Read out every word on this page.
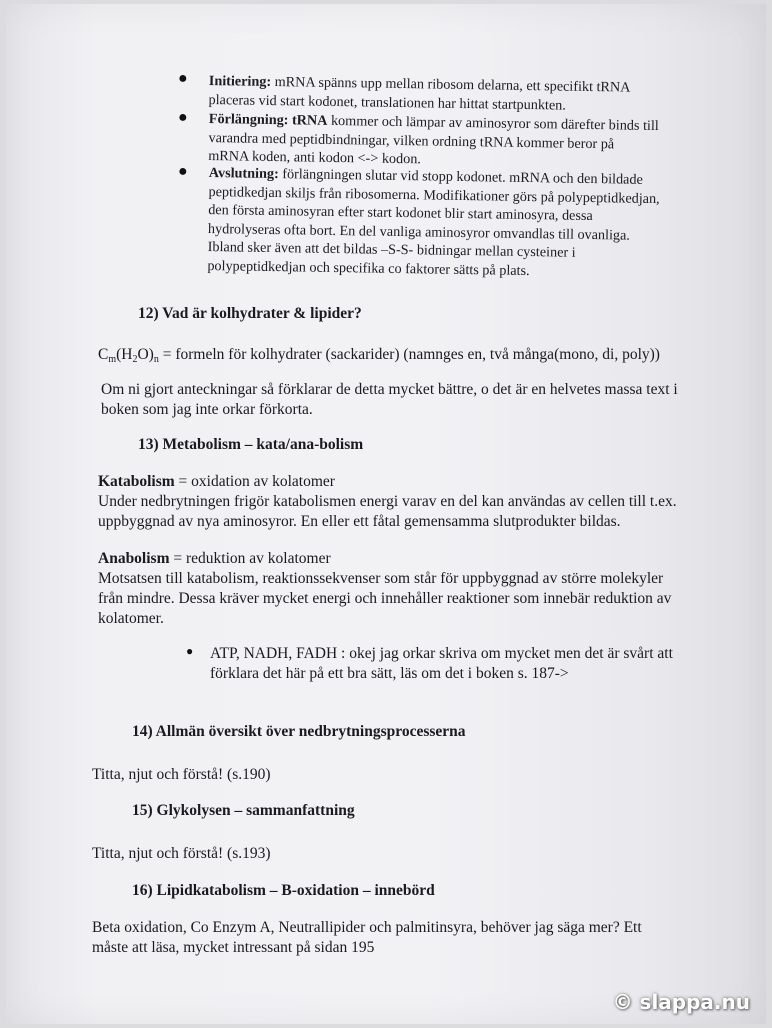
● Initiering: mRNA spänns upp mellan ribosom delarna, ett specifikt tRNA
placeras vid start kodonet, translationen har hittat startpunkten.
● Förlängning: tRNA kommer och lämpar av aminosyror som därefter binds till
varandra med peptidbindningar, vilken ordning tRNA kommer beror på
mRNA koden, anti kodon <-> kodon.
● Avslutning: förlängningen slutar vid stopp kodonet. mRNA och den bildade
peptidkedjan skiljs från ribosomerna. Modifikationer görs på polypeptidkedjan,
den första aminosyran efter start kodonet blir start aminosyra, dessa
hydrolyseras ofta bort. En del vanliga aminosyror omvandlas till ovanliga.
Ibland sker även att det bildas –S-S- bidningar mellan cysteiner i
polypeptidkedjan och specifika co faktorer sätts på plats.
12) Vad är kolhydrater & lipider?
$C_m(H_2O)_n$ = formeln för kolhydrater (sackarider) (namnges en, två många(mono, di, poly))
Om ni gjort anteckningar så förklarar de detta mycket bättre, o det är en helvetes massa text i
boken som jag inte orkar förkorta.
13) Metabolism – kata/ana-bolism
Katabolism = oxidation av kolatomer
Under nedbrytningen frigör katabolismen energi varav en del kan användas av cellen till t.ex.
uppbyggnad av nya aminosyror. En eller ett fåtal gemensamma slutprodukter bildas.
Anabolism = reduktion av kolatomer
Motsatsen till katabolism, reaktionssekvenser som står för uppbyggnad av större molekyler
från mindre. Dessa kräver mycket energi och innehåller reaktioner som innebär reduktion av
kolatomer.
● ATP, NADH, FADH : okej jag orkar skriva om mycket men det är svårt att
förklara det här på ett bra sätt, läs om det i boken s. 187->
14) Allmän översikt över nedbrytningsprocesserna
Titta, njut och förstå! (s.190)
15) Glykolysen – sammanfattning
Titta, njut och förstå! (s.193)
16) Lipidkatabolism – B-oxidation – innebörd
Beta oxidation, Co Enzym A, Neutrallipider och palmitinsyra, behöver jag säga mer? Ett
måste att läsa, mycket intressant på sidan 195
© slappa.nu
